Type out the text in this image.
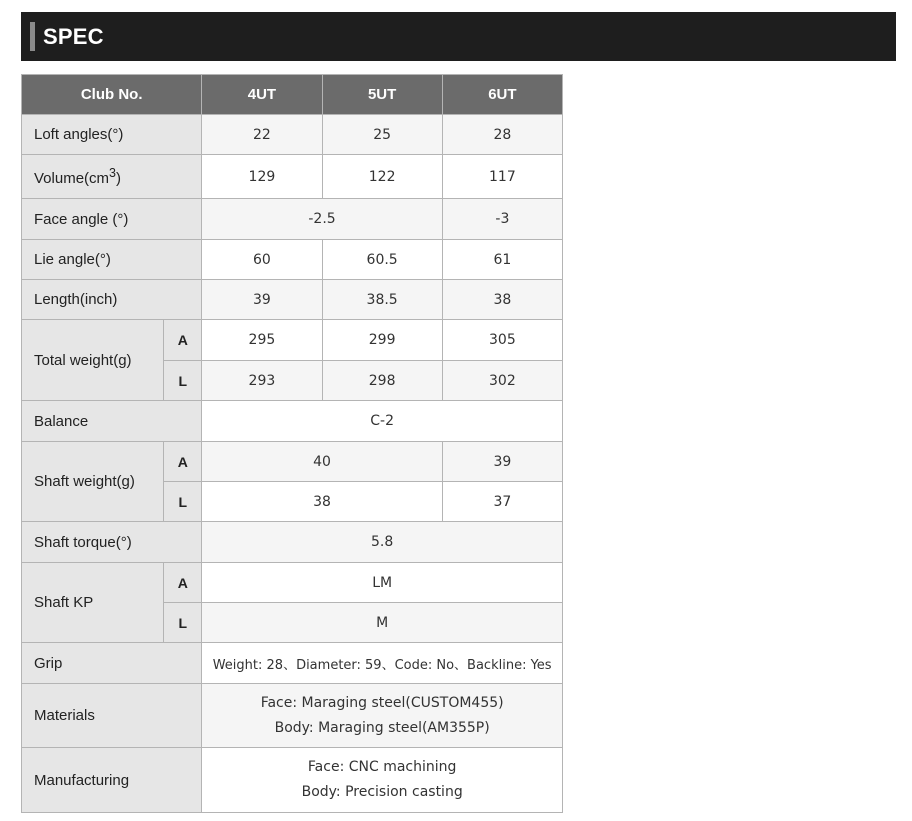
SPEC
Club No.		4UT	5UT	6UT
Loft angles(°)		22	25	28
$Volume(cm^3)$		129	122	117
Face angle (°)		-2.5		-3
Lie angle(°)		60	60.5	61
Length(inch)		39	38.5	38
Total weight(g)	A	295	299	305
	L	293	298	302
Balance		C-2		
Shaft weight(g)	A	40		39
	L	38		37
Shaft torque(°)		5.8		
Shaft KP	A	LM		
	L	M		
Grip		Weight: 28、Diameter: 59、Code: No、Backline: Yes		
Materials		Face: Maraging steel(CUSTOM455)
Body: Maraging steel(AM355P)		

Manufacturing		Face: CNC machining
Body: Precision casting		
